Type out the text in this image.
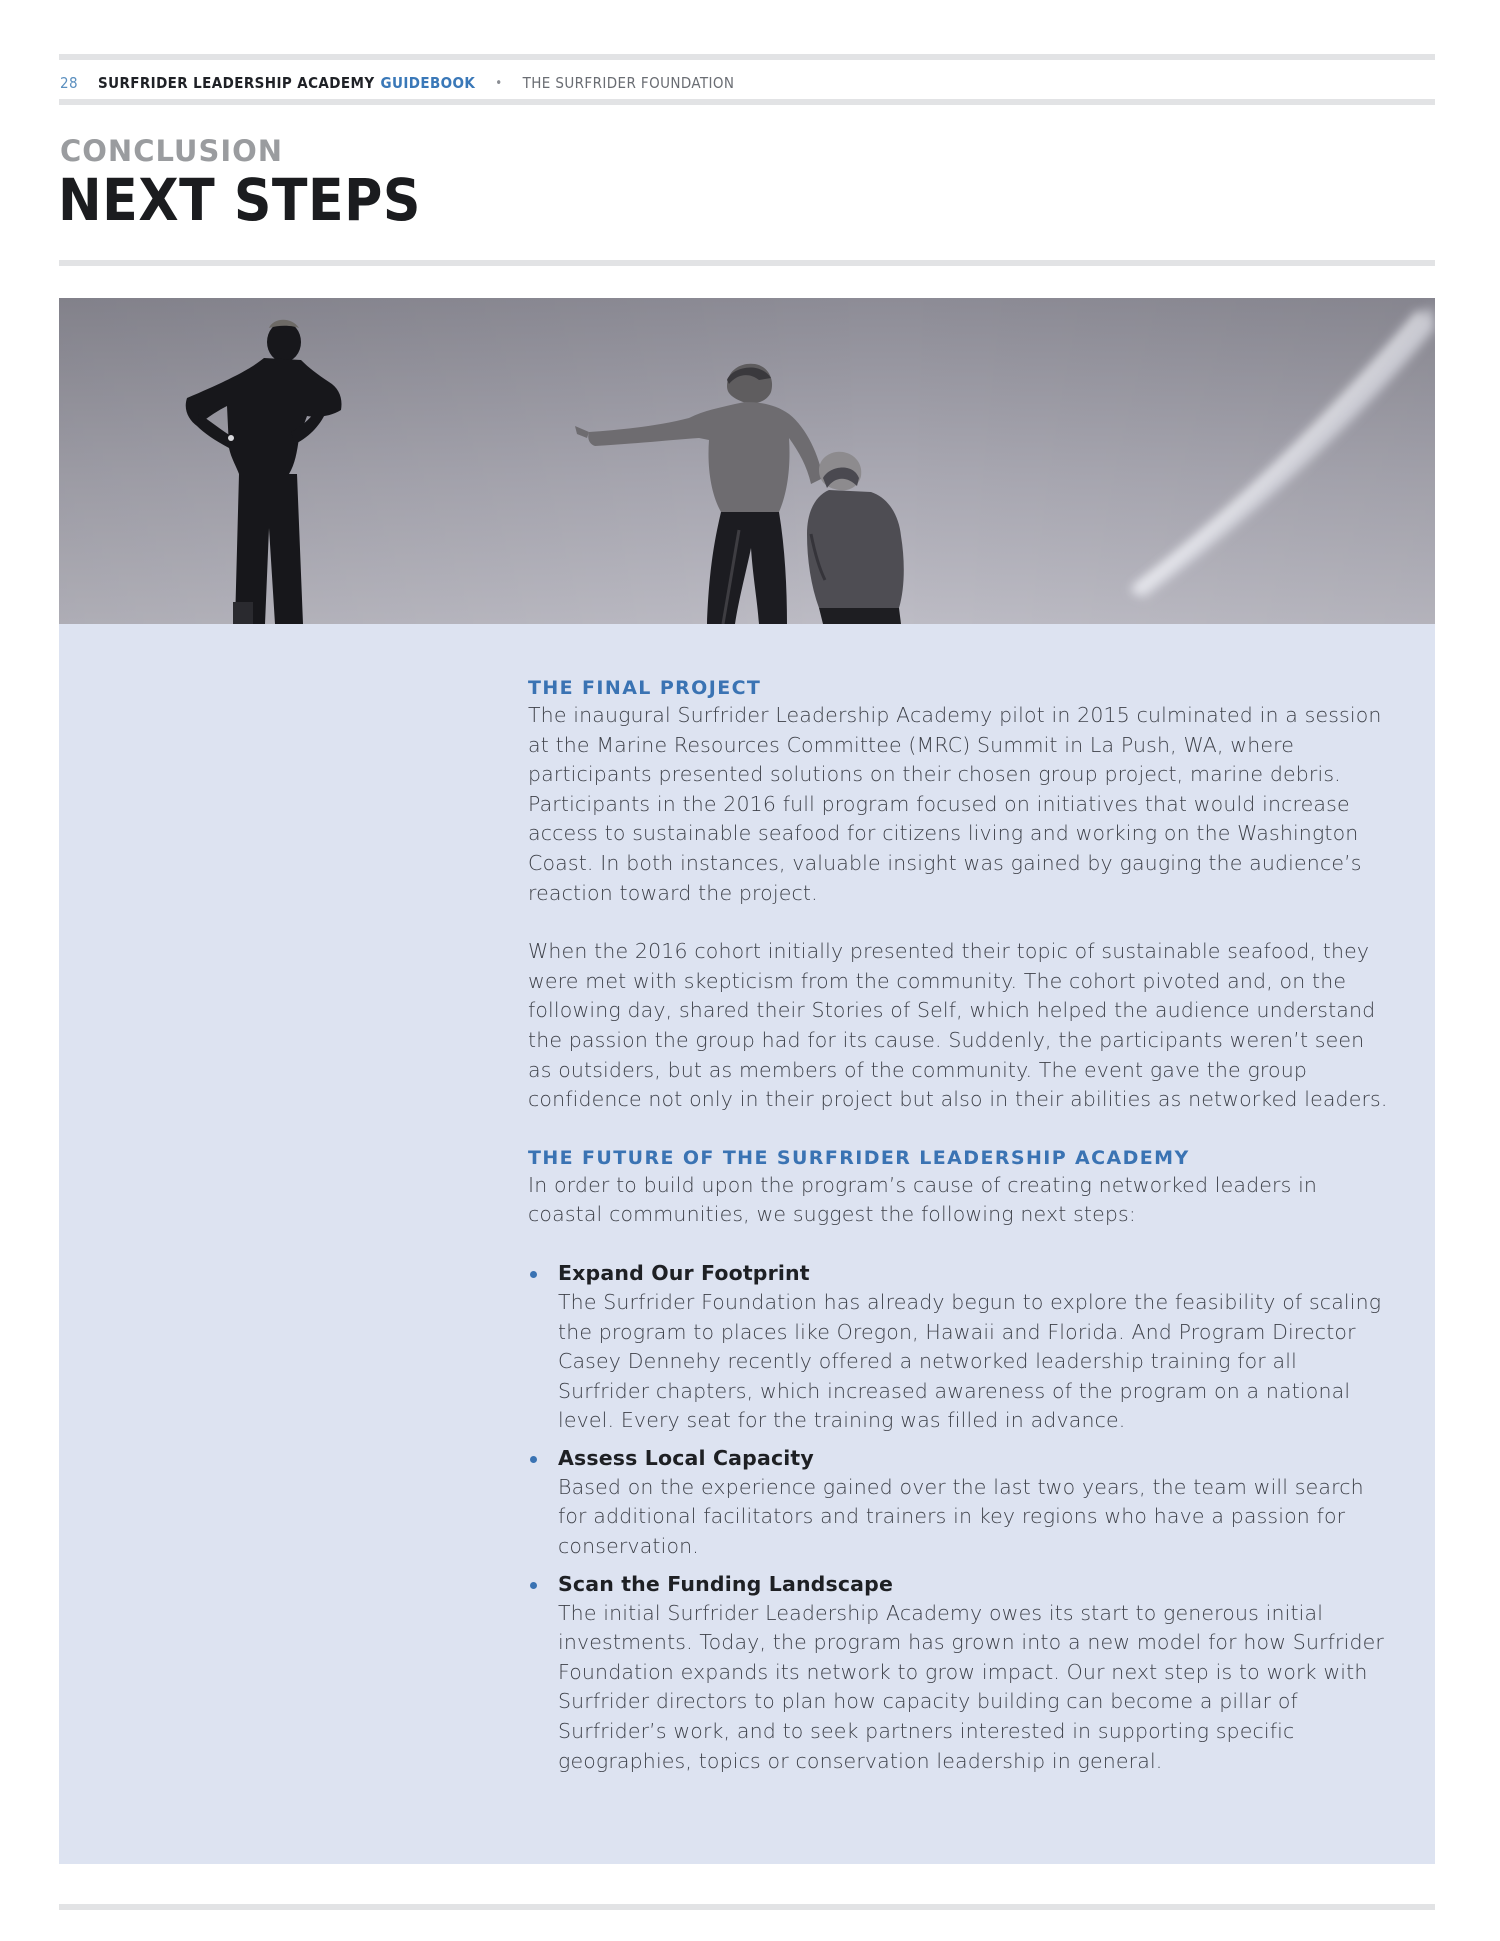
28 SURFRIDER LEADERSHIP ACADEMY GUIDEBOOK • THE SURFRIDER FOUNDATION
CONCLUSION
NEXT STEPS
THE FINAL PROJECT

The inaugural Surfrider Leadership Academy pilot in 2015 culminated in a session at the Marine Resources Committee (MRC) Summit in La Push, WA, where participants presented solutions on their chosen group project, marine debris. Participants in the 2016 full program focused on initiatives that would increase access to sustainable seafood for citizens living and working on the Washington Coast. In both instances, valuable insight was gained by gauging the audience’s reaction toward the project.

When the 2016 cohort initially presented their topic of sustainable seafood, they were met with skepticism from the community. The cohort pivoted and, on the following day, shared their Stories of Self, which helped the audience understand the passion the group had for its cause. Suddenly, the participants weren’t seen as outsiders, but as members of the community. The event gave the group confidence not only in their project but also in their abilities as networked leaders.

THE FUTURE OF THE SURFRIDER LEADERSHIP ACADEMY

In order to build upon the program’s cause of creating networked leaders in coastal communities, we suggest the following next steps:

Expand Our Footprint
The Surfrider Foundation has already begun to explore the feasibility of scaling the program to places like Oregon, Hawaii and Florida. And Program Director Casey Dennehy recently offered a networked leadership training for all Surfrider chapters, which increased awareness of the program on a national level. Every seat for the training was filled in advance.
Assess Local Capacity
Based on the experience gained over the last two years, the team will search for additional facilitators and trainers in key regions who have a passion for conservation.
Scan the Funding Landscape
The initial Surfrider Leadership Academy owes its start to generous initial investments. Today, the program has grown into a new model for how Surfrider Foundation expands its network to grow impact. Our next step is to work with Surfrider directors to plan how capacity building can become a pillar of Surfrider’s work, and to seek partners interested in supporting specific geographies, topics or conservation leadership in general.
